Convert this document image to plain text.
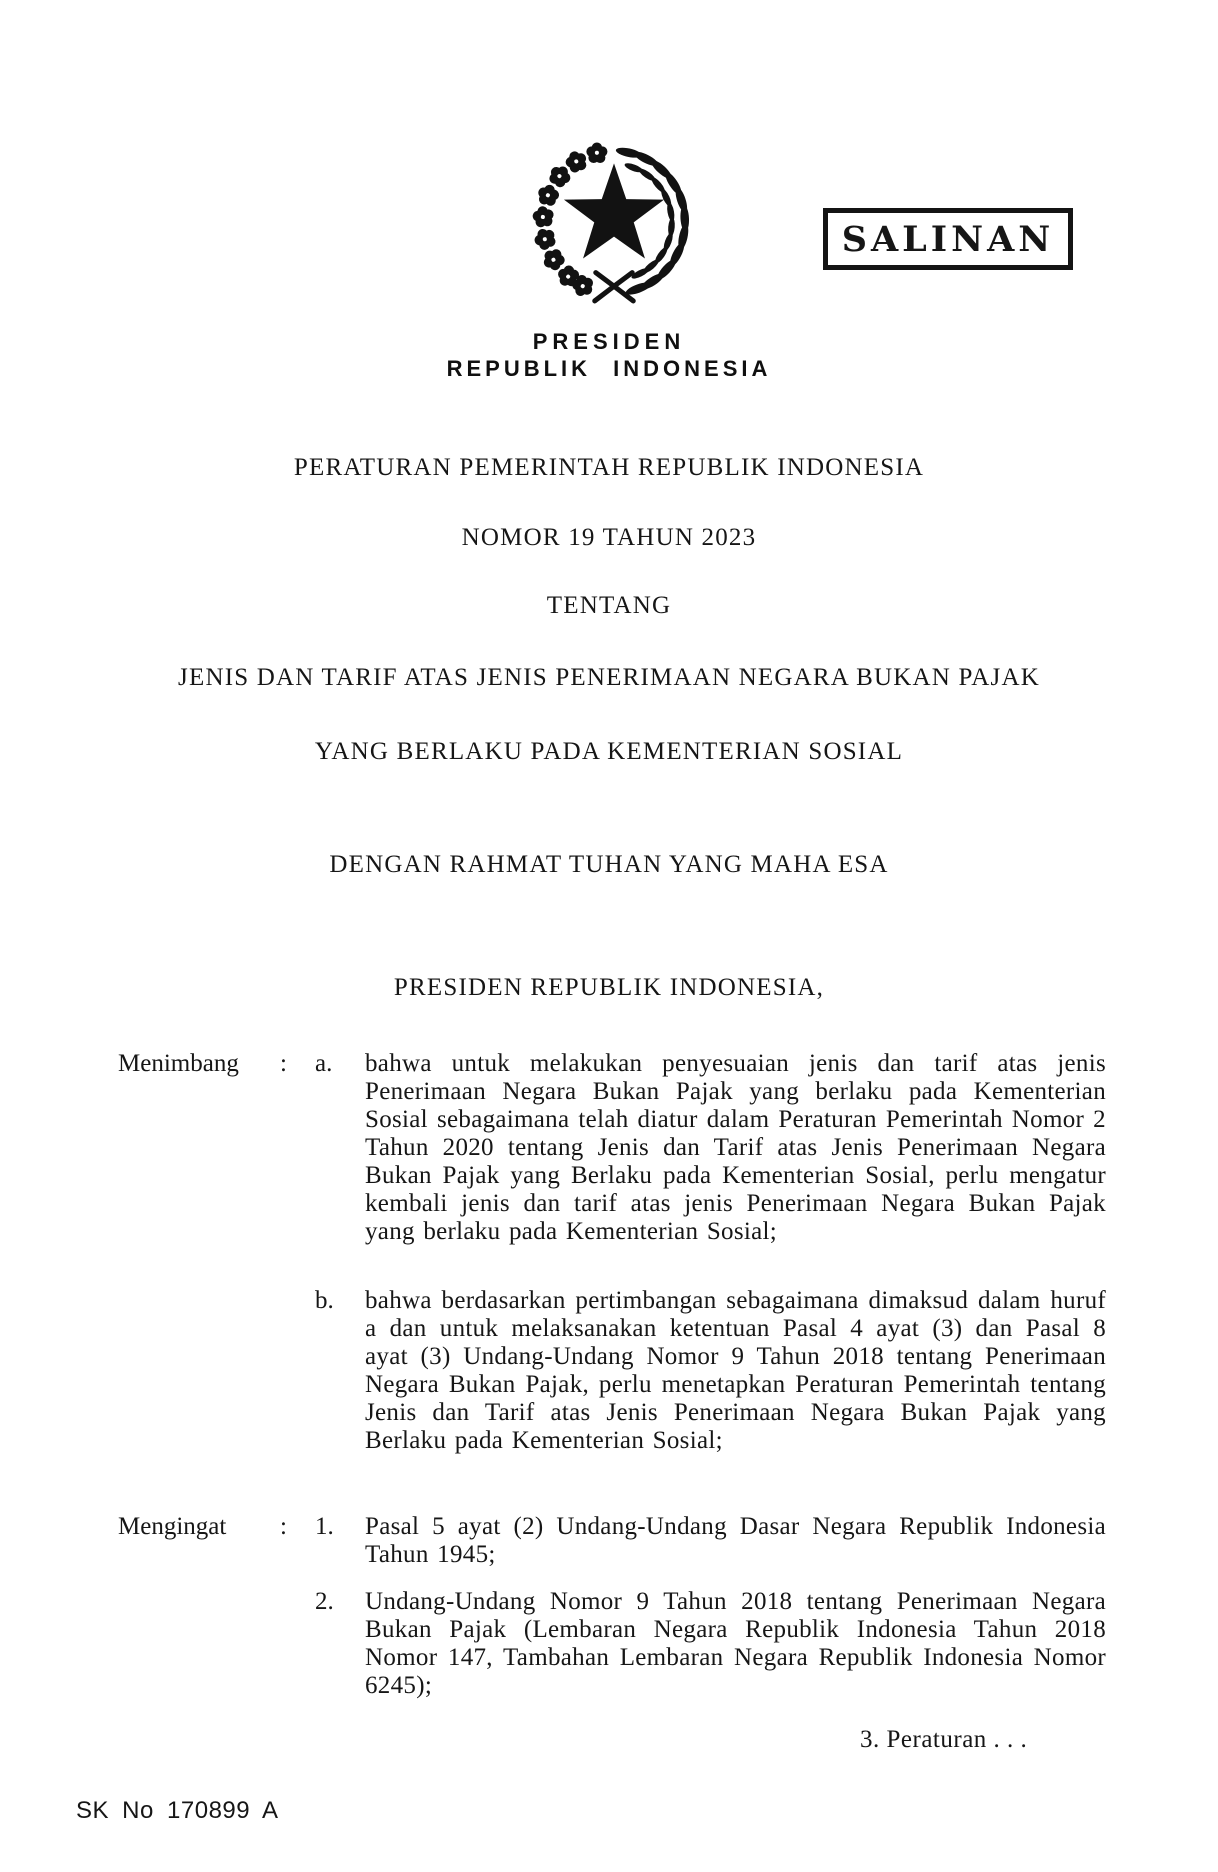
SALINAN
PRESIDEN
REPUBLIK INDONESIA
PERATURAN PEMERINTAH REPUBLIK INDONESIA
NOMOR 19 TAHUN 2023
TENTANG
JENIS DAN TARIF ATAS JENIS PENERIMAAN NEGARA BUKAN PAJAK
YANG BERLAKU PADA KEMENTERIAN SOSIAL
DENGAN RAHMAT TUHAN YANG MAHA ESA
PRESIDEN REPUBLIK INDONESIA,
Menimbang	:	a.	bahwa untuk melakukan penyesuaian jenis dan tarif atas jenis Penerimaan Negara Bukan Pajak yang berlaku pada Kementerian Sosial sebagaimana telah diatur dalam Peraturan Pemerintah Nomor 2 Tahun 2020 tentang Jenis dan Tarif atas Jenis Penerimaan Negara Bukan Pajak yang Berlaku pada Kementerian Sosial, perlu mengatur kembali jenis dan tarif atas jenis Penerimaan Negara Bukan Pajak yang berlaku pada Kementerian Sosial;
b.	bahwa berdasarkan pertimbangan sebagaimana dimaksud dalam huruf a dan untuk melaksanakan ketentuan Pasal 4 ayat (3) dan Pasal 8 ayat (3) Undang-Undang Nomor 9 Tahun 2018 tentang Penerimaan Negara Bukan Pajak, perlu menetapkan Peraturan Pemerintah tentang Jenis dan Tarif atas Jenis Penerimaan Negara Bukan Pajak yang Berlaku pada Kementerian Sosial;
Mengingat	:	1.	Pasal 5 ayat (2) Undang-Undang Dasar Negara Republik Indonesia Tahun 1945;
2.	Undang-Undang Nomor 9 Tahun 2018 tentang Penerimaan Negara Bukan Pajak (Lembaran Negara Republik Indonesia Tahun 2018 Nomor 147, Tambahan Lembaran Negara Republik Indonesia Nomor 6245);
3. Peraturan . . .
SK No 170899 A
